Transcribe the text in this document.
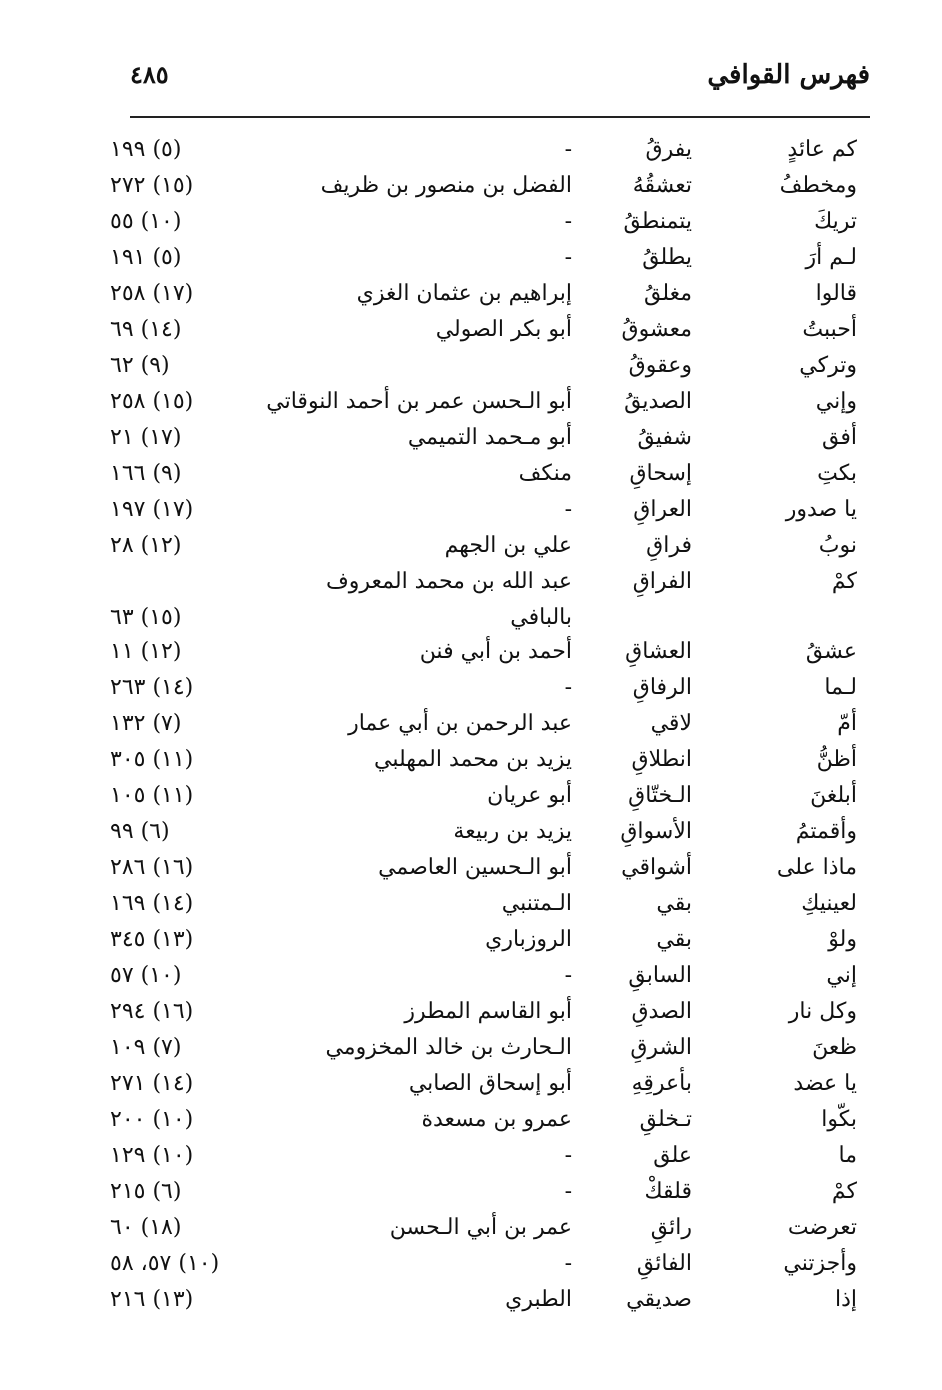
فهرس القوافي
٤٨٥
كم عائدٍ
يفرقُ
-
(٥) ١٩٩
ومخطفُ
تعشقُهُ
الفضل بن منصور بن ظريف
(١٥) ٢٧٢
تريكَ
يتمنطقُ
-
(١٠) ٥٥
لـم أرَ
يطلقُ
-
(٥) ١٩١
قالوا
مغلقُ
إبراهيم بن عثمان الغزي
(١٧) ٢٥٨
أحببتُ
معشوقُ
أبو بكر الصولي
(١٤) ٦٩
وتركي
وعقوقُ
(٩) ٦٢
وإني
الصديقُ
أبو الـحسن عمر بن أحمد النوقاتي
(١٥) ٢٥٨
أفق
شفيقُ
أبو مـحمد التميمي
(١٧) ٢١
بكتِ
إسحاقِ
منكف
(٩) ١٦٦
يا صدور
العراقِ
-
(١٧) ١٩٧
نوبُ
فراقِ
علي بن الجهم
(١٢) ٢٨
كمْ
الفراقِ
عبد الله بن محمد المعروف
بالبافي
(١٥) ٦٣
عشقُ
العشاقِ
أحمد بن أبي فنن
(١٢) ١١
لـما
الرفاقِ
-
(١٤) ٢٦٣
أمّ
لاقي
عبد الرحمن بن أبي عمار
(٧) ١٣٢
أظنُّ
انطلاقِ
يزيد بن محمد المهلبي
(١١) ٣٠٥
أبلغنَ
الـختّاقِ
أبو عريان
(١١) ١٠٥
وأقمتمُ
الأسواقِ
يزيد بن ربيعة
(٦) ٩٩
ماذا على
أشواقي
أبو الـحسين العاصمي
(١٦) ٢٨٦
لعينيكِ
بقي
الـمتنبي
(١٤) ١٦٩
ولوْ
بقي
الروزباري
(١٣) ٣٤٥
إني
السابقِ
-
(١٠) ٥٧
وكل نار
الصدقِ
أبو القاسم المطرز
(١٦) ٢٩٤
ظعنَ
الشرقِ
الـحارث بن خالد المخزومي
(٧) ١٠٩
يا عضد
بأعرقِهِ
أبو إسحاق الصابي
(١٤) ٢٧١
بكّوا
تـخلقِ
عمرو بن مسعدة
(١٠) ٢٠٠
ما
علق
-
(١٠) ١٢٩
كمْ
قلقكْ
-
(٦) ٢١٥
تعرضت
رائقِ
عمر بن أبي الـحسن
(١٨) ٦٠
وأجزتني
الفائقِ
-
(١٠) ٥٧، ٥٨
إذا
صديقي
الطبري
(١٣) ٢١٦
